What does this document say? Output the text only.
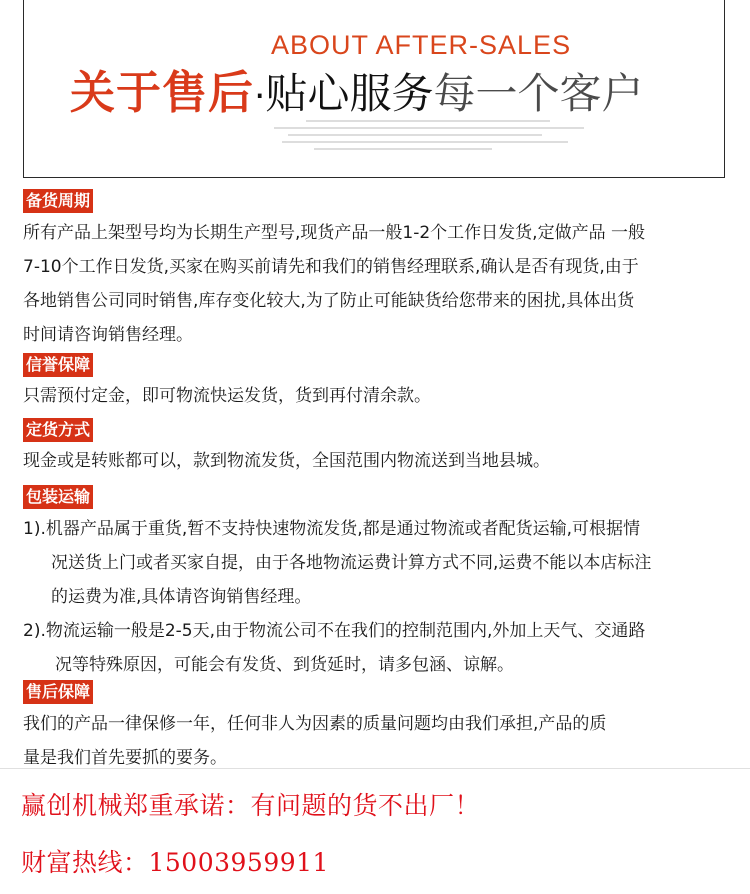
ABOUT AFTER-SALES
关于售后·贴心服务每一个客户
备货周期

所有产品上架型号均为长期生产型号,现货产品一般1-2个工作日发货,定做产品 一般

7-10个工作日发货,买家在购买前请先和我们的销售经理联系,确认是否有现货,由于

各地销售公司同时销售,库存变化较大,为了防止可能缺货给您带来的困扰,具体出货

时间请咨询销售经理。

信誉保障

只需预付定金，即可物流快运发货，货到再付清余款。

定货方式

现金或是转账都可以，款到物流发货，全国范围内物流送到当地县城。

包装运输

1).机器产品属于重货,暂不支持快速物流发货,都是通过物流或者配货运输,可根据情

况送货上门或者买家自提，由于各地物流运费计算方式不同,运费不能以本店标注

的运费为准,具体请咨询销售经理。

2).物流运输一般是2-5天,由于物流公司不在我们的控制范围内,外加上天气、交通路

况等特殊原因，可能会有发货、到货延时，请多包涵、谅解。

售后保障

我们的产品一律保修一年，任何非人为因素的质量问题均由我们承担,产品的质

量是我们首先要抓的要务。

赢创机械郑重承诺：有问题的货不出厂！
财富热线：15003959911
